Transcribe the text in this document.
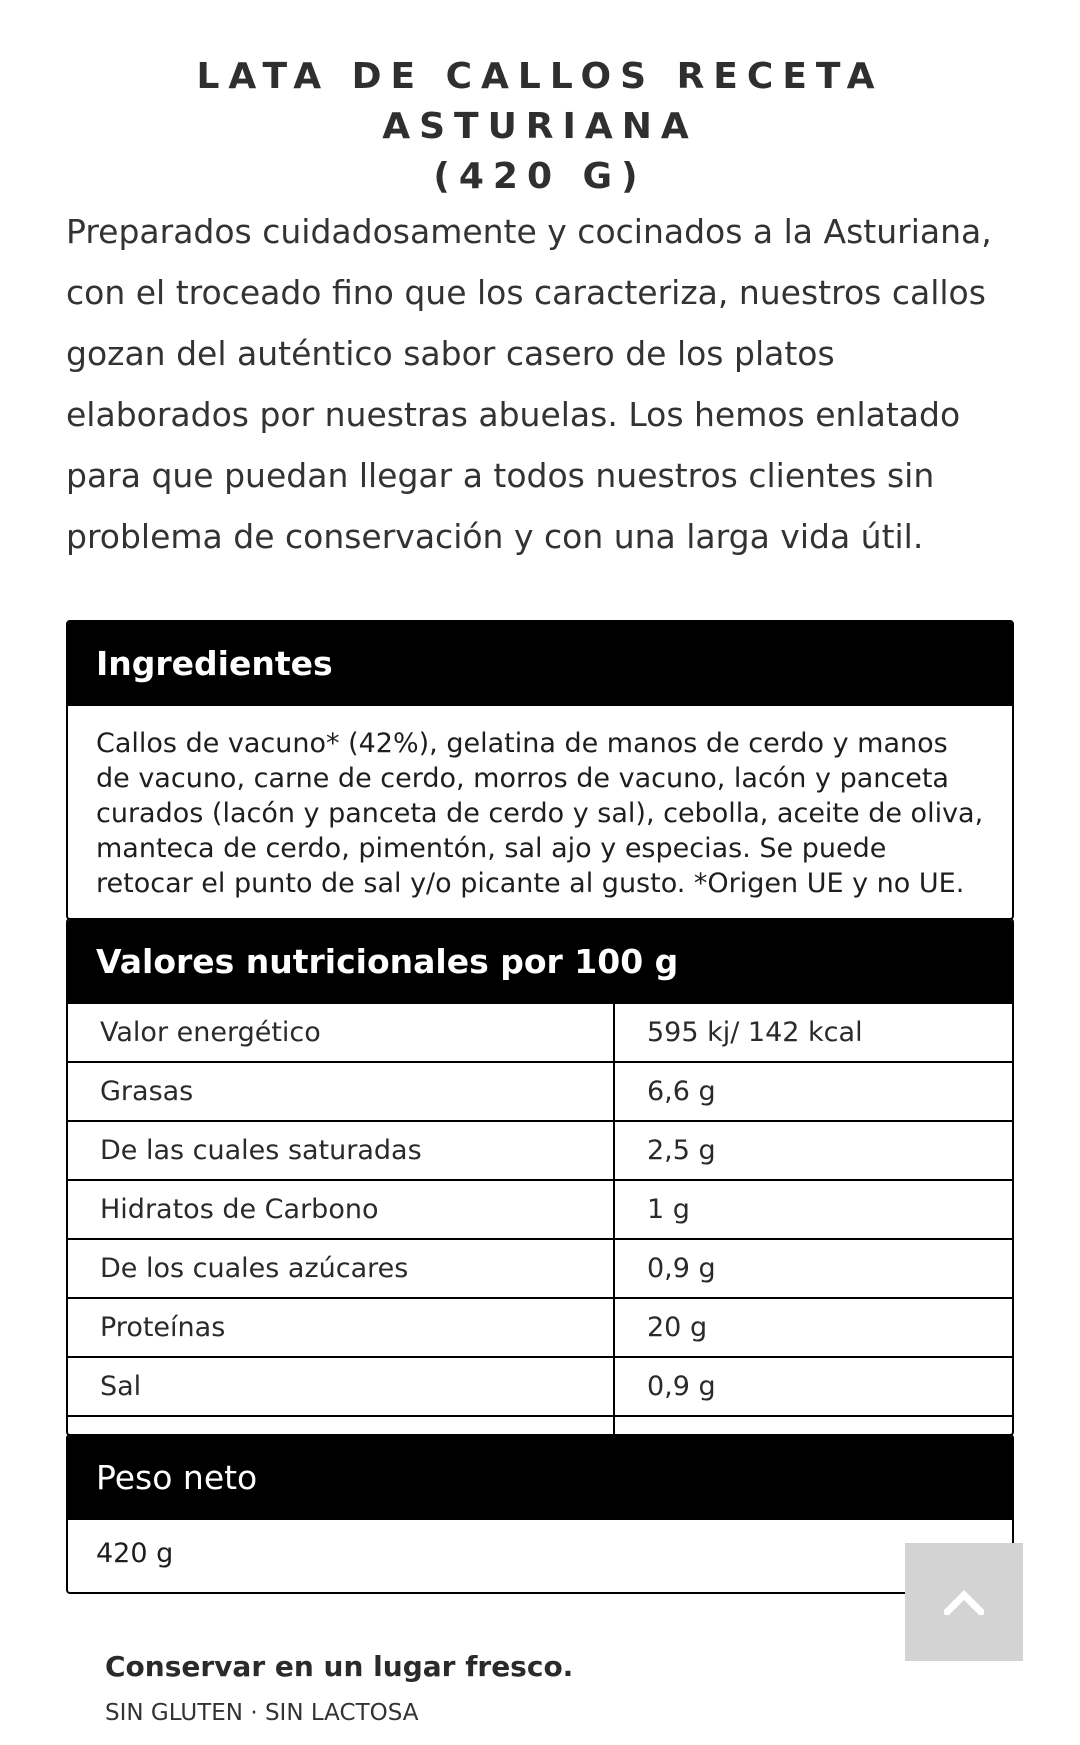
LATA DE CALLOS RECETA ASTURIANA
(420 G)
Preparados cuidadosamente y cocinados a la Asturiana, con el troceado fino que los caracteriza, nuestros callos gozan del auténtico sabor casero de los platos elaborados por nuestras abuelas. Los hemos enlatado para que puedan llegar a todos nuestros clientes sin problema de conservación y con una larga vida útil.
Ingredientes
Callos de vacuno* (42%), gelatina de manos de cerdo y manos de vacuno, carne de cerdo, morros de vacuno, lacón y panceta curados (lacón y panceta de cerdo y sal), cebolla, aceite de oliva, manteca de cerdo, pimentón, sal ajo y especias. Se puede retocar el punto de sal y/o picante al gusto. *Origen UE y no UE.
Valores nutricionales por 100 g
Valor energético	595 kj/ 142 kcal
Grasas	6,6 g
De las cuales saturadas	2,5 g
Hidratos de Carbono	1 g
De los cuales azúcares	0,9 g
Proteínas	20 g
Sal	0,9 g

Peso neto
420 g
Conservar en un lugar fresco.
SIN GLUTEN · SIN LACTOSA
